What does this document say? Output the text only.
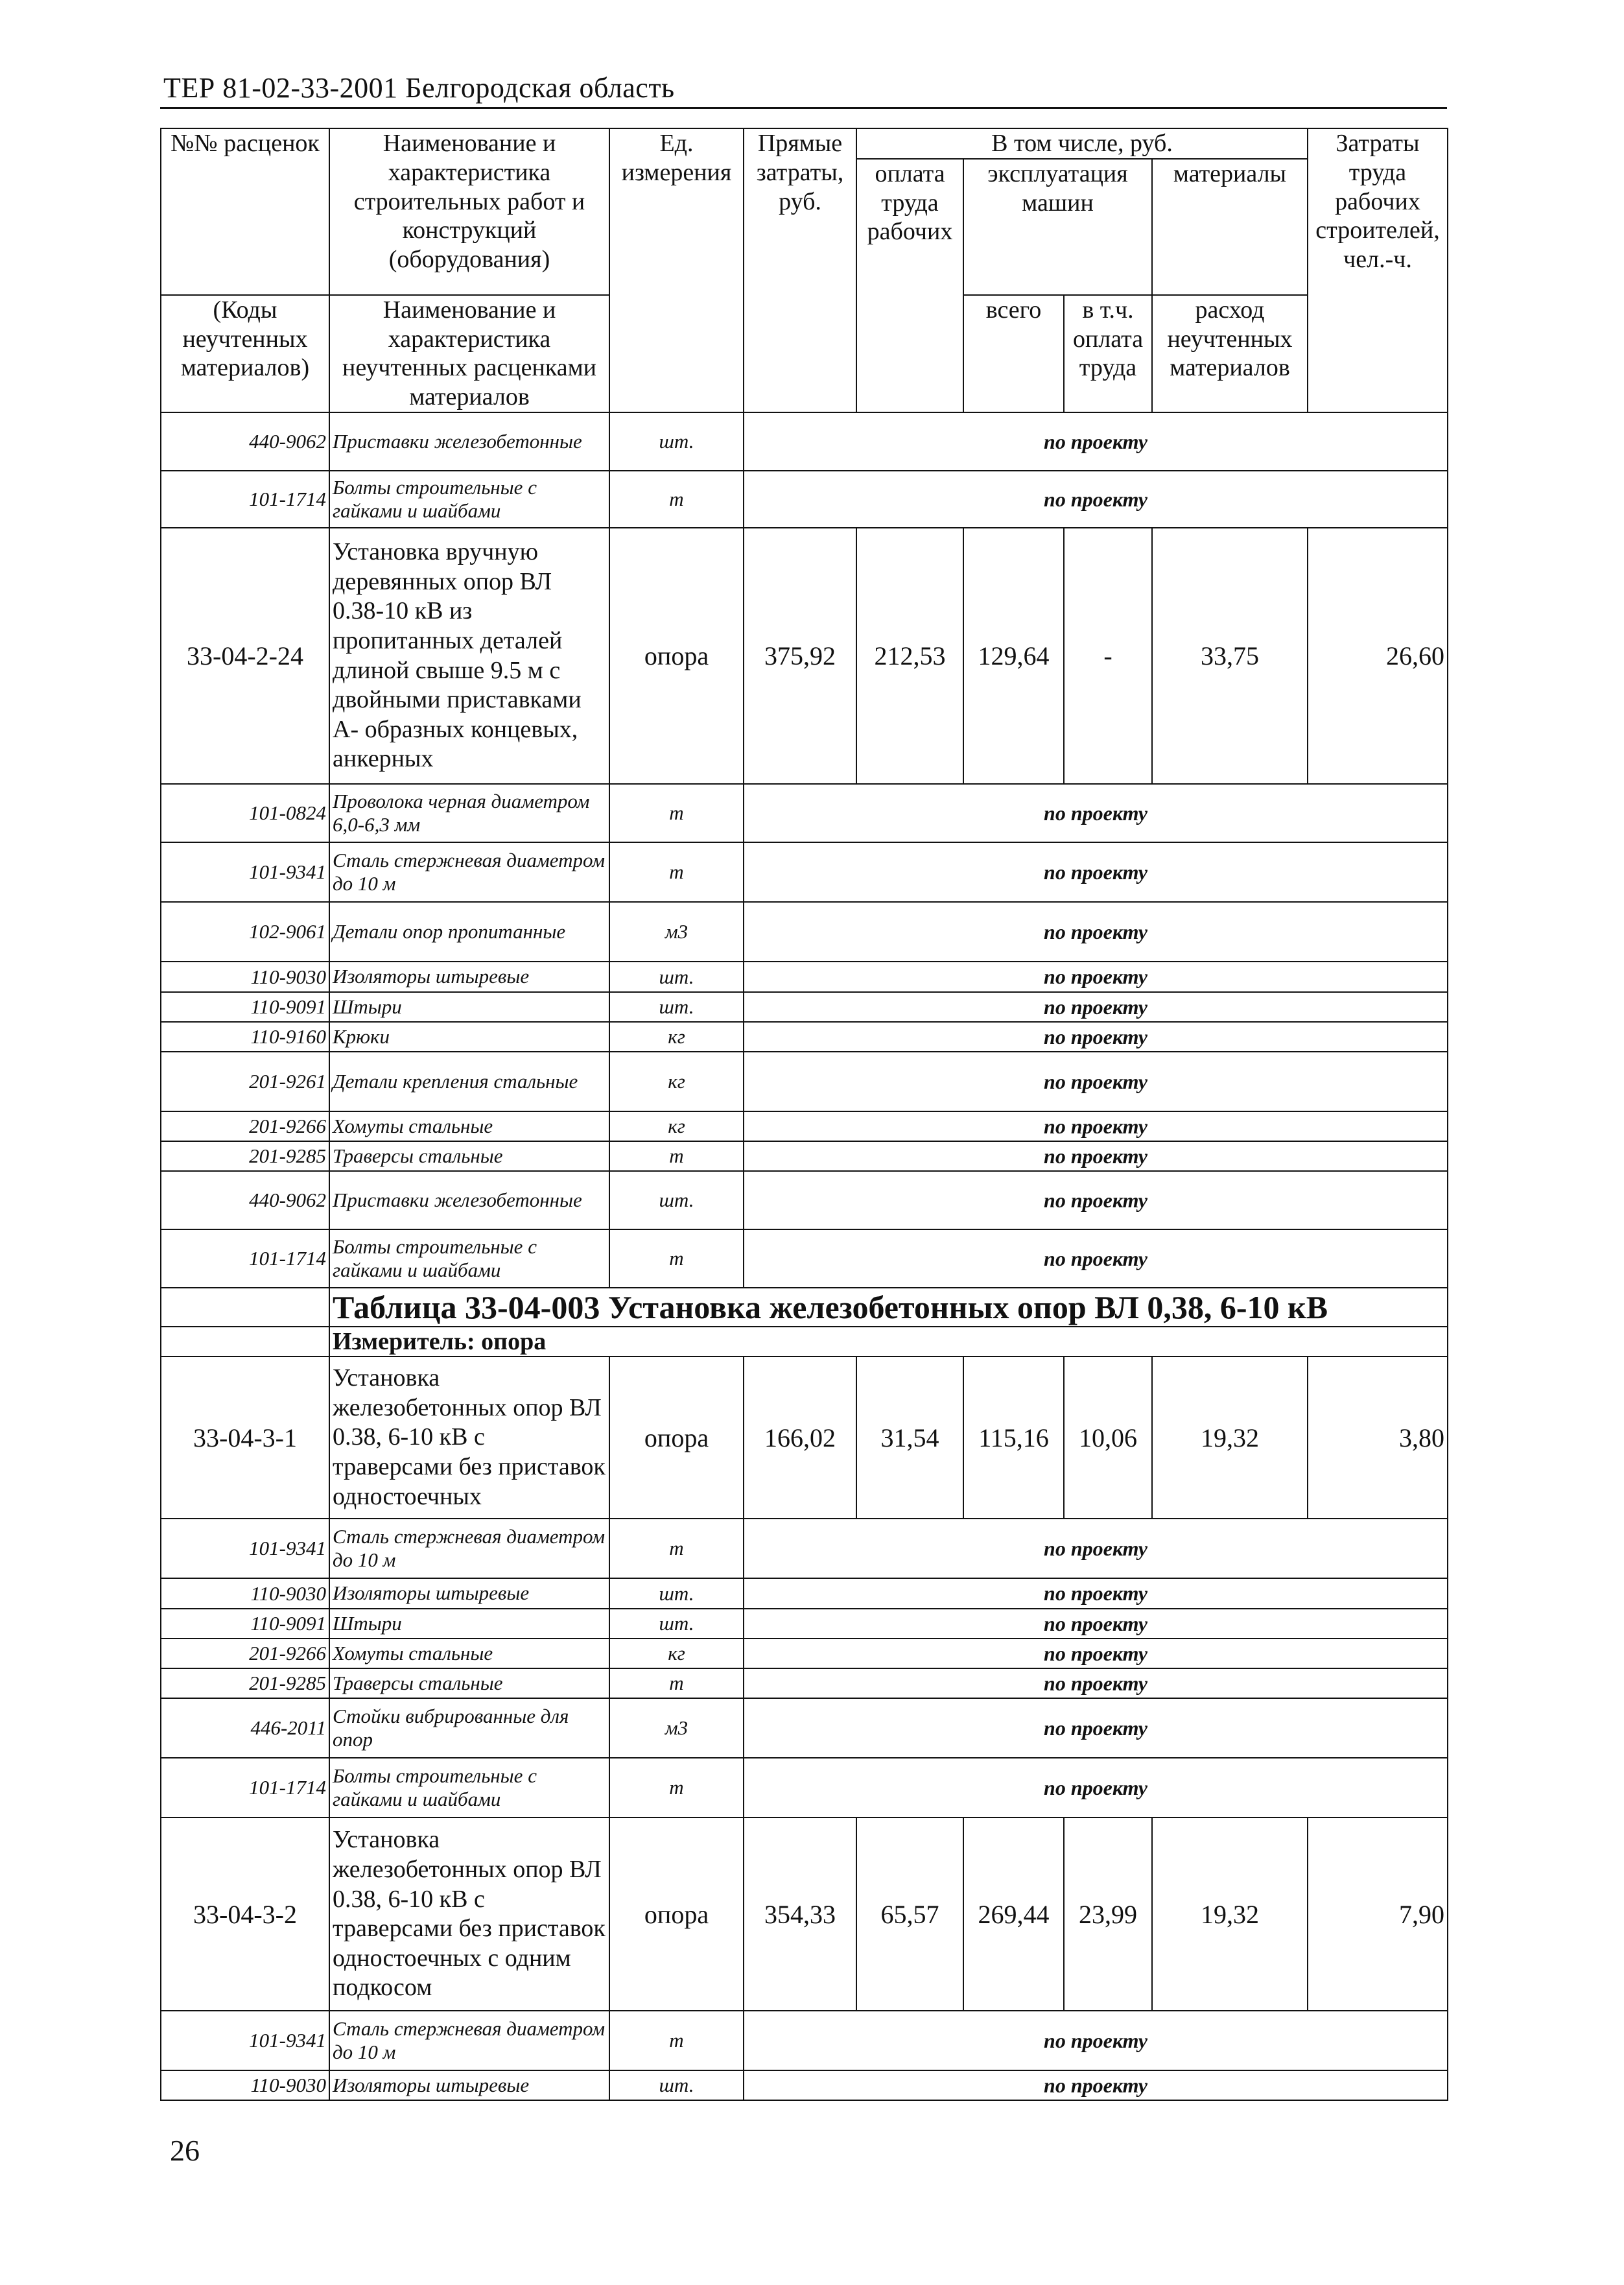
ТЕР 81-02-33-2001 Белгородская область
№№ расценок	Наименование и характеристика строительных работ и конструкций (оборудования)	Ед. измерения	Прямые затраты, руб.	В том числе, руб.				Затраты труда рабочих строителей, чел.-ч.
				оплата труда рабочих	эксплуатация машин		материалы	

(Коды неучтенных материалов)	Наименование и характеристика неучтенных расценками материалов				всего	в т.ч. оплата труда	расход неучтенных материалов	

440-9062	Приставки железобетонные	шт.	по проекту					
101-1714	Болты строительные с гайками и шайбами	т	по проекту					
33-04-2-24	Установка вручную деревянных опор ВЛ 0.38-10 кВ из пропитанных деталей длиной свыше 9.5 м с двойными приставками А- образных концевых, анкерных	опора	375,92	212,53	129,64	-	33,75	26,60
101-0824	Проволока черная диаметром 6,0-6,3 мм	т	по проекту					
101-9341	Сталь стержневая диаметром до 10 м	т	по проекту					
102-9061	Детали опор пропитанные	м3	по проекту					
110-9030	Изоляторы штыревые	шт.	по проекту					
110-9091	Штыри	шт.	по проекту					
110-9160	Крюки	кг	по проекту					
201-9261	Детали крепления стальные	кг	по проекту					
201-9266	Хомуты стальные	кг	по проекту					
201-9285	Траверсы стальные	т	по проекту					
440-9062	Приставки железобетонные	шт.	по проекту					
101-1714	Болты строительные с гайками и шайбами	т	по проекту					
	Таблица 33-04-003 Установка железобетонных опор ВЛ 0,38, 6-10 кВ							
	Измеритель: опора							
33-04-3-1	Установка железобетонных опор ВЛ 0.38, 6-10 кВ с траверсами без приставок одностоечных	опора	166,02	31,54	115,16	10,06	19,32	3,80
101-9341	Сталь стержневая диаметром до 10 м	т	по проекту					
110-9030	Изоляторы штыревые	шт.	по проекту					
110-9091	Штыри	шт.	по проекту					
201-9266	Хомуты стальные	кг	по проекту					
201-9285	Траверсы стальные	т	по проекту					
446-2011	Стойки вибрированные для опор	м3	по проекту					
101-1714	Болты строительные с гайками и шайбами	т	по проекту					
33-04-3-2	Установка железобетонных опор ВЛ 0.38, 6-10 кВ с траверсами без приставок одностоечных с одним подкосом	опора	354,33	65,57	269,44	23,99	19,32	7,90
101-9341	Сталь стержневая диаметром до 10 м	т	по проекту					
110-9030	Изоляторы штыревые	шт.	по проекту					
26
